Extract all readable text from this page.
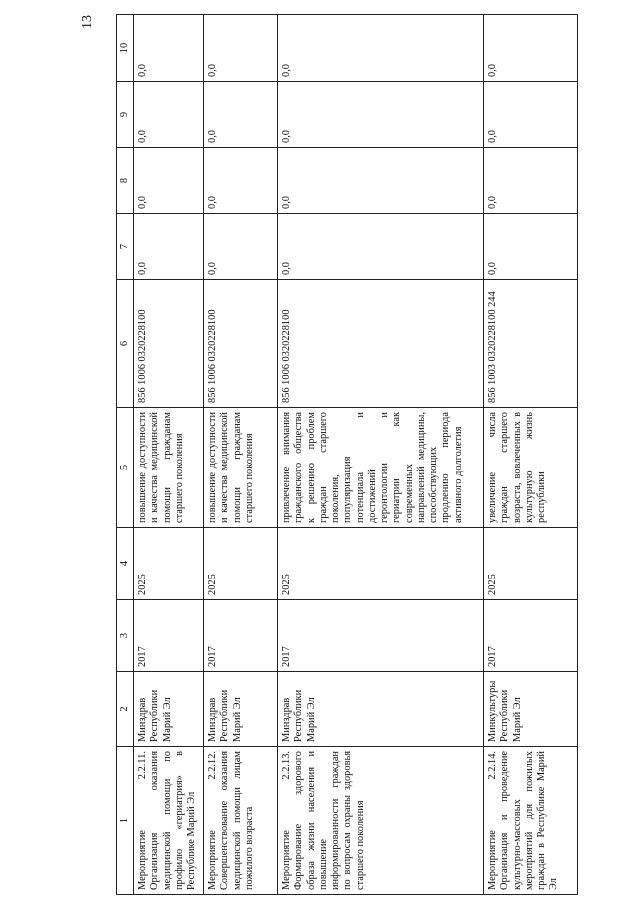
13
1	2	3	4	5	6	7	8	9	10
Мероприятие 2.2.11. Организация оказания медицинской помощи по профилю «гериатрия» в Республике Марий Эл	Минздрав Республики Марий Эл	2017	2025	повышение доступности и качества медицинской помощи гражданам старшего поколения	856 1006 0320228100	0,0	0,0	0,0	0,0
Мероприятие 2.2.12. Совершенствование оказания медицинской помощи лицам пожилого возраста	Минздрав Республики Марий Эл	2017	2025	повышение доступности и качества медицинской помощи гражданам старшего поколения	856 1006 0320228100	0,0	0,0	0,0	0,0
Мероприятие 2.2.13. Формирование здорового образа жизни населения и повышение информированности граждан по вопросам охраны здоровья старшего поколения	Минздрав Республики Марий Эл	2017	2025	привлечение внимания гражданского общества к решению проблем граждан старшего поколения, популяризация потенциала и достижений геронтологии и гериатрии как современных направлений медицины, способствующих продлению периода активного долголетия	856 1006 0320228100	0,0	0,0	0,0	0,0
Мероприятие 2.2.14. Организация и проведение культурно-массовых мероприятий для пожилых граждан в Республике Марий Эл	Минкультуры Республики Марий Эл	2017	2025	увеличение числа граждан старшего возраста, вовлеченных в культурную жизнь республики	856 1003 0320228100 244	0,0	0,0	0,0	0,0
